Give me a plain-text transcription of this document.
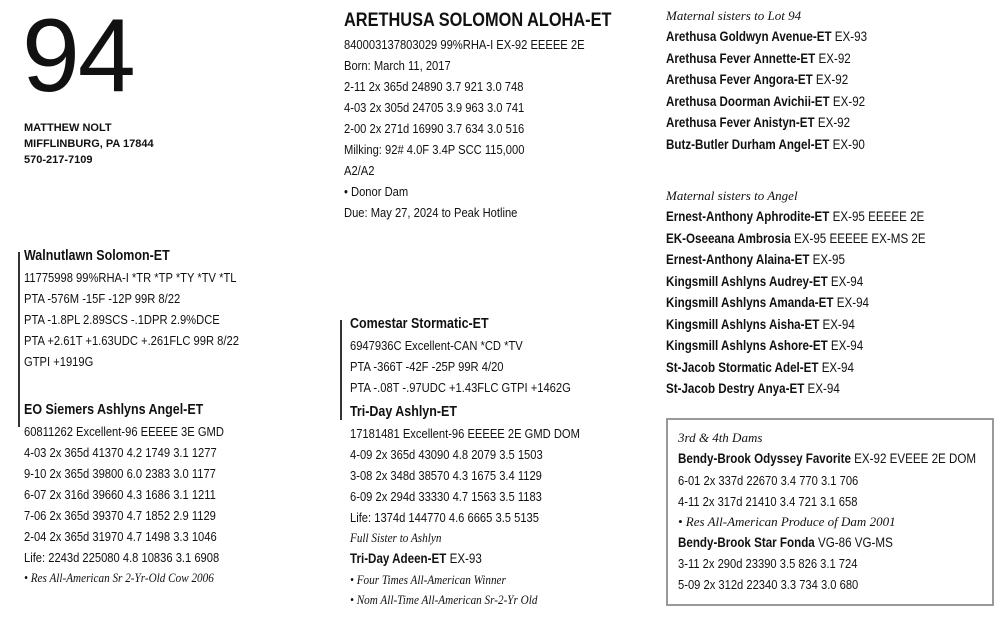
94
MATTHEW NOLT
MIFFLINBURG, PA 17844
570-217-7109
ARETHUSA SOLOMON ALOHA-ET
840003137803029 99%RHA-I EX-92 EEEEE 2E
Born: March 11, 2017
2-11 2x 365d 24890 3.7 921 3.0 748
4-03 2x 305d 24705 3.9 963 3.0 741
2-00 2x 271d 16990 3.7 634 3.0 516
Milking: 92# 4.0F 3.4P SCC 115,000
A2/A2
• Donor Dam
Due: May 27, 2024 to Peak Hotline
Walnutlawn Solomon-ET
11775998 99%RHA-I *TR *TP *TY *TV *TL
PTA -576M -15F -12P 99R 8/22
PTA -1.8PL 2.89SCS -.1DPR 2.9%DCE
PTA +2.61T +1.63UDC +.261FLC 99R 8/22
GTPI +1919G
EO Siemers Ashlyns Angel-ET
60811262 Excellent-96 EEEEE 3E GMD
4-03 2x 365d 41370 4.2 1749 3.1 1277
9-10 2x 365d 39800 6.0 2383 3.0 1177
6-07 2x 316d 39660 4.3 1686 3.1 1211
7-06 2x 365d 39370 4.7 1852 2.9 1129
2-04 2x 365d 31970 4.7 1498 3.3 1046
Life: 2243d 225080 4.8 10836 3.1 6908
• Res All-American Sr 2-Yr-Old Cow 2006
Comestar Stormatic-ET
6947936C Excellent-CAN *CD *TV
PTA -366T -42F -25P 99R 4/20
PTA -.08T -.97UDC +1.43FLC GTPI +1462G
Tri-Day Ashlyn-ET
17181481 Excellent-96 EEEEE 2E GMD DOM
4-09 2x 365d 43090 4.8 2079 3.5 1503
3-08 2x 348d 38570 4.3 1675 3.4 1129
6-09 2x 294d 33330 4.7 1563 3.5 1183
Life: 1374d 144770 4.6 6665 3.5 5135
Full Sister to Ashlyn
Tri-Day Adeen-ET EX-93
• Four Times All-American Winner
• Nom All-Time All-American Sr-2-Yr Old
Maternal sisters to Lot 94
Arethusa Goldwyn Avenue-ET EX-93
Arethusa Fever Annette-ET EX-92
Arethusa Fever Angora-ET EX-92
Arethusa Doorman Avichii-ET EX-92
Arethusa Fever Anistyn-ET EX-92
Butz-Butler Durham Angel-ET EX-90
Maternal sisters to Angel
Ernest-Anthony Aphrodite-ET EX-95 EEEEE 2E
EK-Oseeana Ambrosia EX-95 EEEEE EX-MS 2E
Ernest-Anthony Alaina-ET EX-95
Kingsmill Ashlyns Audrey-ET EX-94
Kingsmill Ashlyns Amanda-ET EX-94
Kingsmill Ashlyns Aisha-ET EX-94
Kingsmill Ashlyns Ashore-ET EX-94
St-Jacob Stormatic Adel-ET EX-94
St-Jacob Destry Anya-ET EX-94
3rd & 4th Dams
Bendy-Brook Odyssey Favorite EX-92 EVEEE 2E DOM
6-01 2x 337d 22670 3.4 770 3.1 706
4-11 2x 317d 21410 3.4 721 3.1 658
• Res All-American Produce of Dam 2001
Bendy-Brook Star Fonda VG-86 VG-MS
3-11 2x 290d 23390 3.5 826 3.1 724
5-09 2x 312d 22340 3.3 734 3.0 680
